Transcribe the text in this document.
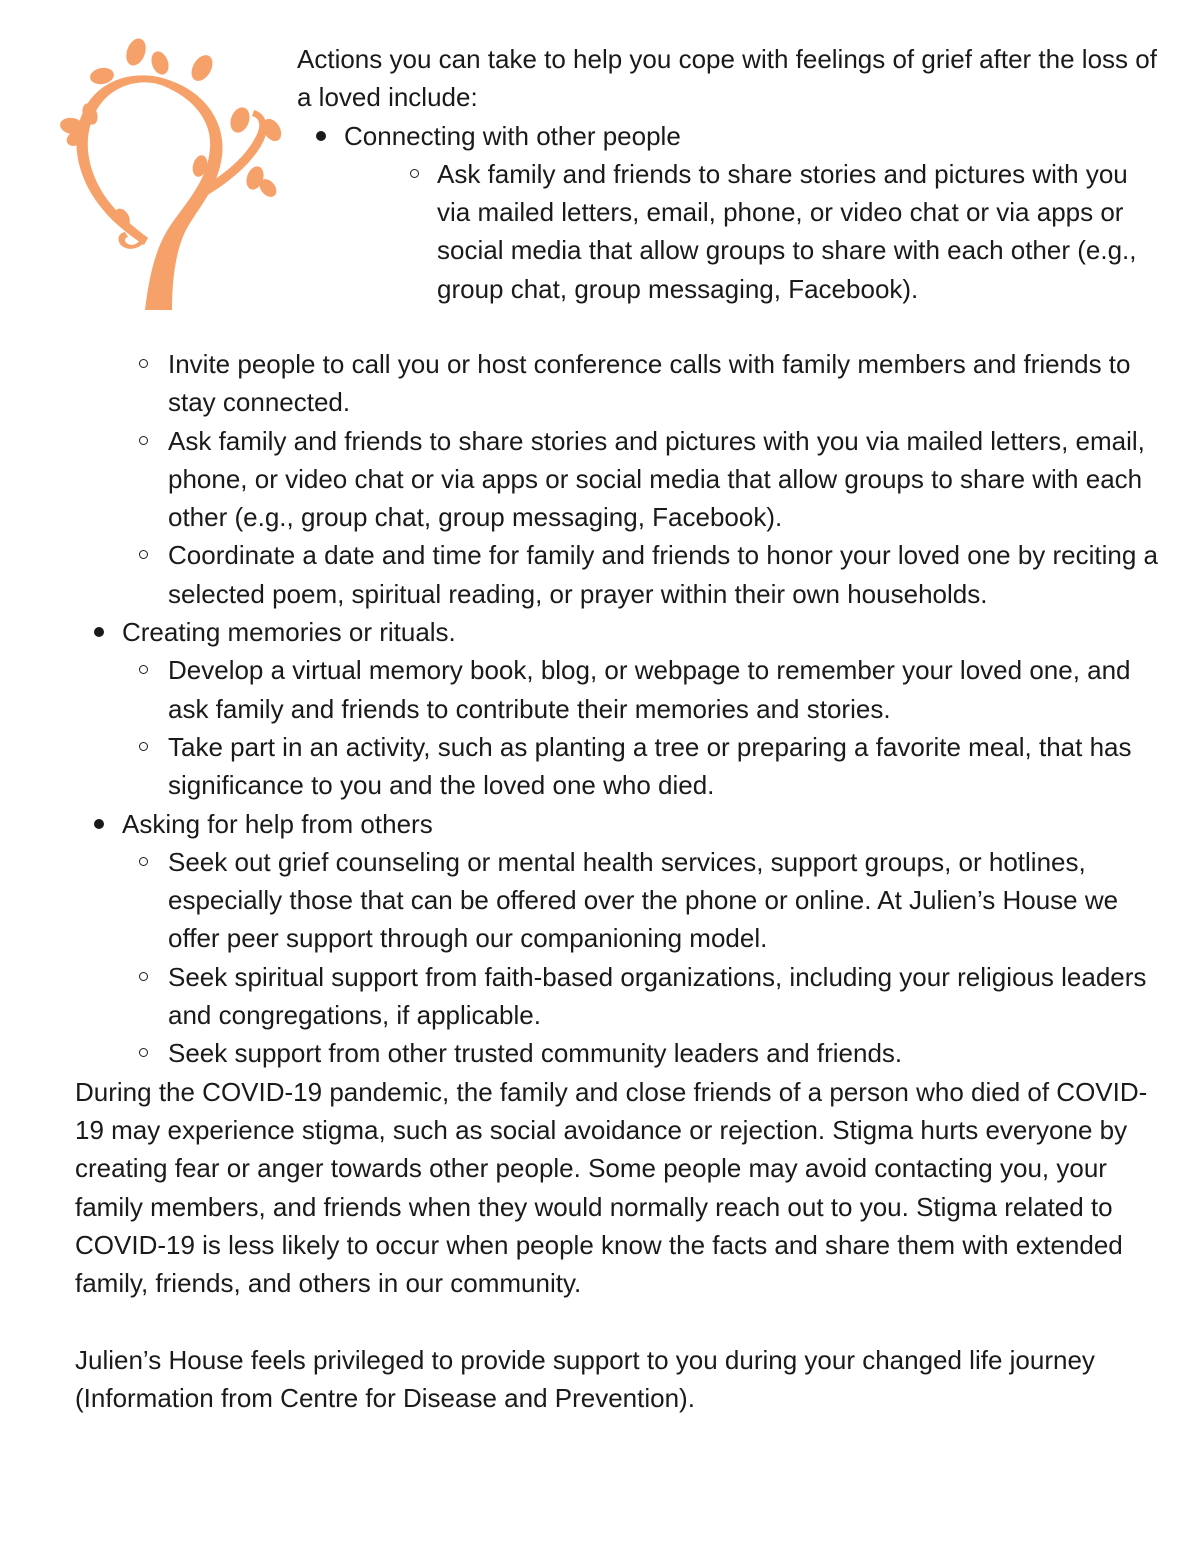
Actions you can take to help you cope with feelings of grief after the loss of a loved include:

Connecting with other people
Ask family and friends to share stories and pictures with you via mailed letters, email, phone, or video chat or via apps or social media that allow groups to share with each other (e.g., group chat, group messaging, Facebook).
Invite people to call you or host conference calls with family members and friends to stay connected.
Ask family and friends to share stories and pictures with you via mailed letters, email, phone, or video chat or via apps or social media that allow groups to share with each other (e.g., group chat, group messaging, Facebook).
Coordinate a date and time for family and friends to honor your loved one by reciting a selected poem, spiritual reading, or prayer within their own households.
Creating memories or rituals.
Develop a virtual memory book, blog, or webpage to remember your loved one, and ask family and friends to contribute their memories and stories.
Take part in an activity, such as planting a tree or preparing a favorite meal, that has significance to you and the loved one who died.
Asking for help from others
Seek out grief counseling or mental health services, support groups, or hotlines, especially those that can be offered over the phone or online. At Julien’s House we offer peer support through our companioning model.
Seek spiritual support from faith-based organizations, including your religious leaders and congregations, if applicable.
Seek support from other trusted community leaders and friends.

During the COVID-19 pandemic, the family and close friends of a person who died of COVID-19 may experience stigma, such as social avoidance or rejection. Stigma hurts everyone by creating fear or anger towards other people. Some people may avoid contacting you, your family members, and friends when they would normally reach out to you. Stigma related to COVID-19 is less likely to occur when people know the facts and share them with extended family, friends, and others in our community.

Julien’s House feels privileged to provide support to you during your changed life journey (Information from Centre for Disease and Prevention).
